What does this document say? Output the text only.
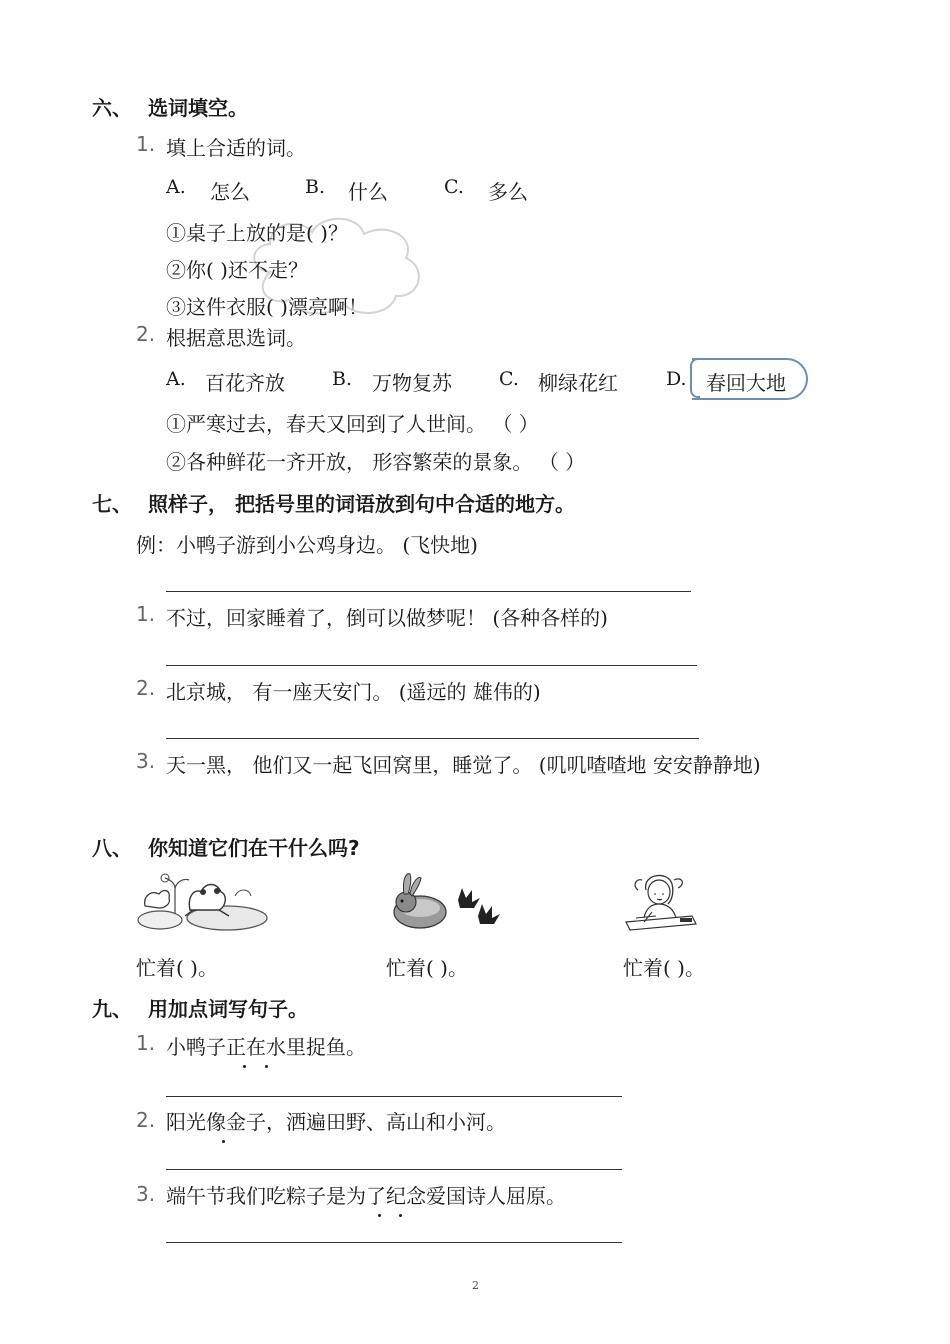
六、 选词填空。
1. 填上合适的词。
A. 怎么	B. 什么	C. 多么
①桌子上放的是( )？
②你( )还不走？
③这件衣服( )漂亮啊！
2. 根据意思选词。
A. 百花齐放 B. 万物复苏 C. 柳绿花红	D. 春回大地
①严寒过去，春天又回到了人世间。 （ ）
②各种鲜花一齐开放， 形容繁荣的景象。 （ ）
七、 照样子， 把括号里的词语放到句中合适的地方。
例：小鸭子游到小公鸡身边。 (飞快地)
1. 不过，回家睡着了，倒可以做梦呢！ (各种各样的)
2. 北京城， 有一座天安门。 (遥远的 雄伟的)
3. 天一黑， 他们又一起飞回窝里，睡觉了。 (叽叽喳喳地 安安静静地)
八、 你知道它们在干什么吗?
忙着( )。	忙着( )。	忙着( )。
九、 用加点词写句子。
1. 小鸭子正在水里捉鱼。
2. 阳光像金子，洒遍田野、高山和小河。
3. 端午节我们吃粽子是为了纪念爱国诗人屈原。
2
